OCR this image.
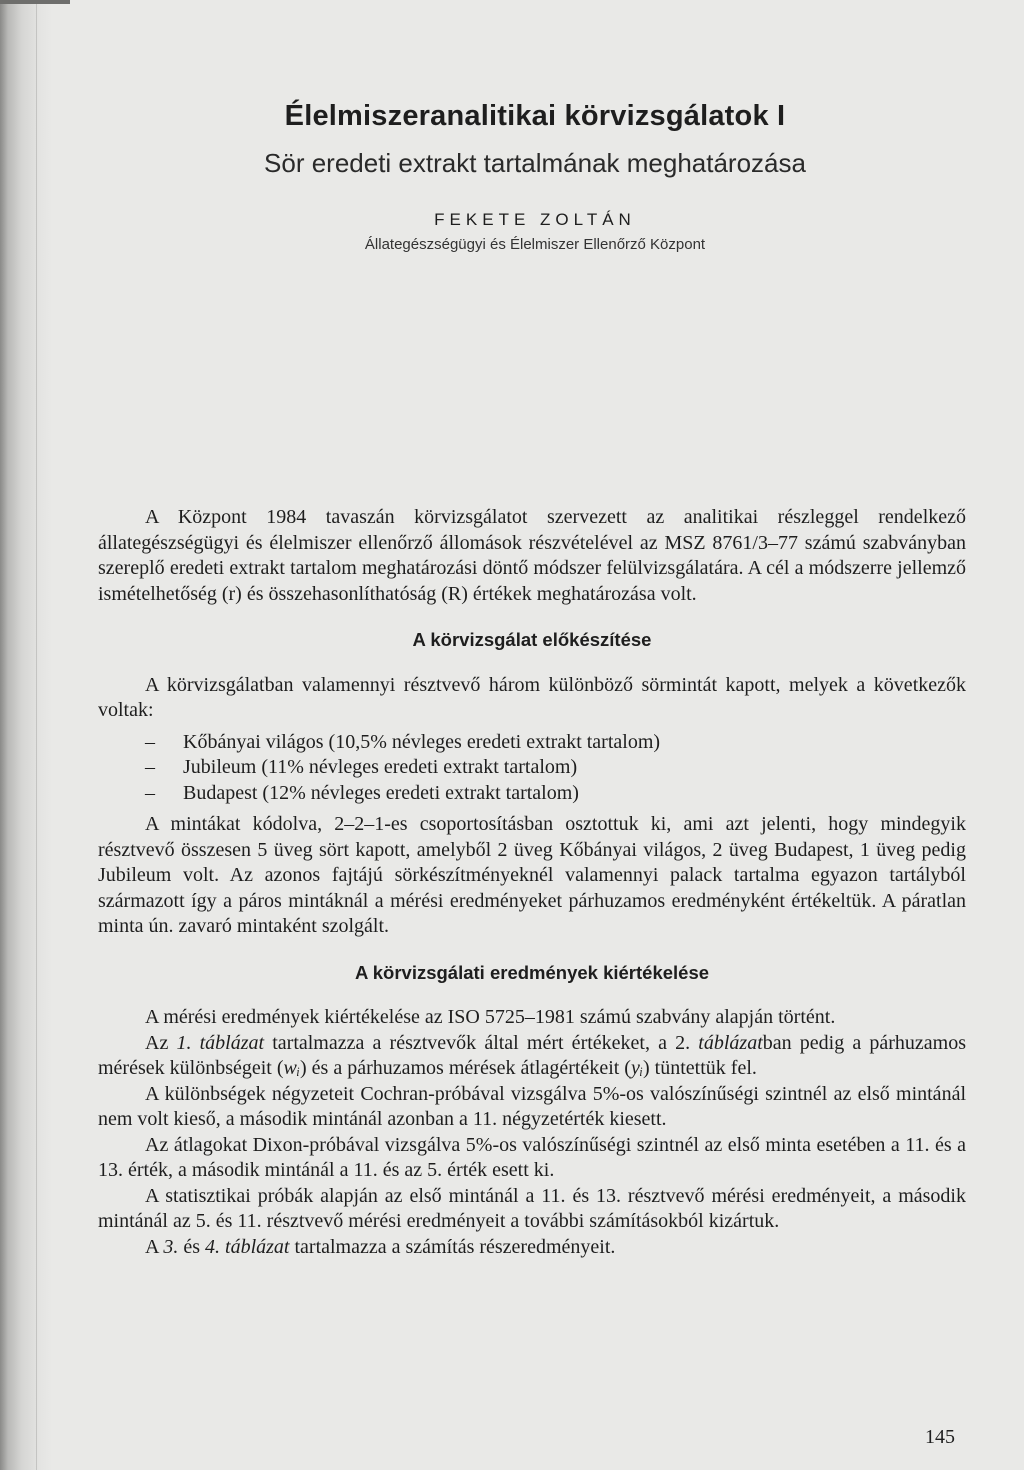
Élelmiszeranalitikai körvizsgálatok I
Sör eredeti extrakt tartalmának meghatározása
FEKETE ZOLTÁN
Állategészségügyi és Élelmiszer Ellenőrző Központ

A Központ 1984 tavaszán körvizsgálatot szervezett az analitikai részleggel rendelkező állategészségügyi és élelmiszer ellenőrző állomások részvételével az MSZ 8761/3–77 számú szabványban szereplő eredeti extrakt tartalom meghatározási döntő módszer felülvizsgálatára. A cél a módszerre jellemző ismételhetőség (r) és összehasonlíthatóság (R) értékek meghatározása volt.

A körvizsgálat előkészítése

A körvizsgálatban valamennyi résztvevő három különböző sörmintát kapott, melyek a következők voltak:

– Kőbányai világos (10,5% névleges eredeti extrakt tartalom)
– Jubileum (11% névleges eredeti extrakt tartalom)
– Budapest (12% névleges eredeti extrakt tartalom)

A mintákat kódolva, 2–2–1-es csoportosításban osztottuk ki, ami azt jelenti, hogy mindegyik résztvevő összesen 5 üveg sört kapott, amelyből 2 üveg Kőbányai világos, 2 üveg Budapest, 1 üveg pedig Jubileum volt. Az azonos fajtájú sörkészítményeknél valamennyi palack tartalma egyazon tartályból származott így a páros mintáknál a mérési eredményeket párhuzamos eredményként értékeltük. A páratlan minta ún. zavaró mintaként szolgált.

A körvizsgálati eredmények kiértékelése

A mérési eredmények kiértékelése az ISO 5725–1981 számú szabvány alapján történt.

Az 1. táblázat tartalmazza a résztvevők által mért értékeket, a 2. táblázatban pedig a párhuzamos mérések különbségeit (wᵢ) és a párhuzamos mérések átlagértékeit (yᵢ) tüntettük fel.

A különbségek négyzeteit Cochran-próbával vizsgálva 5%-os valószínűségi szintnél az első mintánál nem volt kieső, a második mintánál azonban a 11. négyzetérték kiesett.

Az átlagokat Dixon-próbával vizsgálva 5%-os valószínűségi szintnél az első minta esetében a 11. és a 13. érték, a második mintánál a 11. és az 5. érték esett ki.

A statisztikai próbák alapján az első mintánál a 11. és 13. résztvevő mérési eredményeit, a második mintánál az 5. és 11. résztvevő mérési eredményeit a további számításokból kizártuk.

A 3. és 4. táblázat tartalmazza a számítás részeredményeit.

145
